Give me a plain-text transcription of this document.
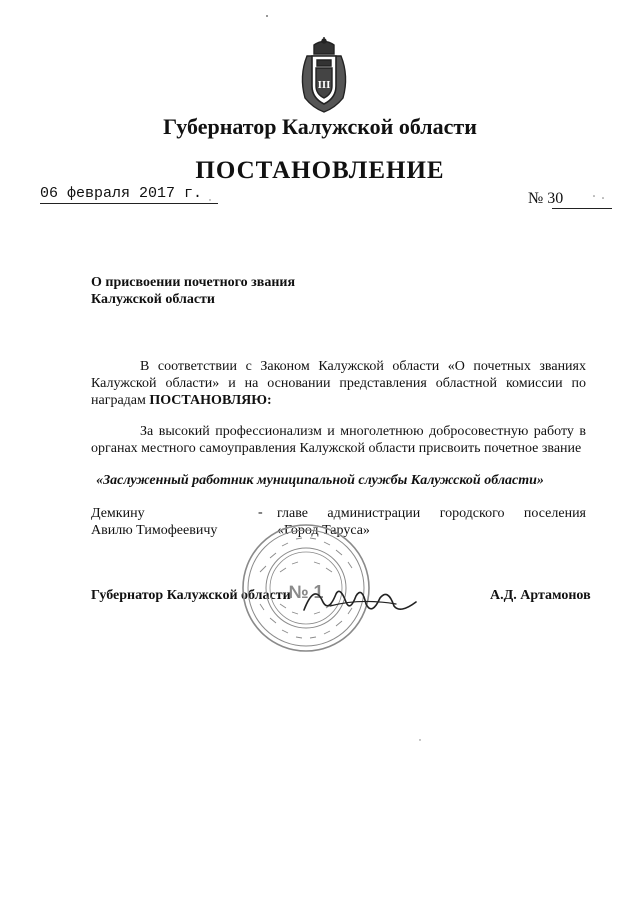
III
Губернатор Калужской области
ПОСТАНОВЛЕНИЕ
06 февраля 2017 г.	№ 30
О присвоении почетного звания
Калужской области
В соответствии с Законом Калужской области «О почетных званиях Калужской области» и на основании представления областной комиссии по наградам ПОСТАНОВЛЯЮ:
За высокий профессионализм и многолетнюю добросовестную работу в органах местного самоуправления Калужской области присвоить почетное звание
«Заслуженный работник муниципальной службы Калужской области»
Демкину
Авилю Тимофеевичу
- главе администрации городского поселения
«Город Таруса»
Губернатор Калужской области	А.Д. Артамонов
№ 1
